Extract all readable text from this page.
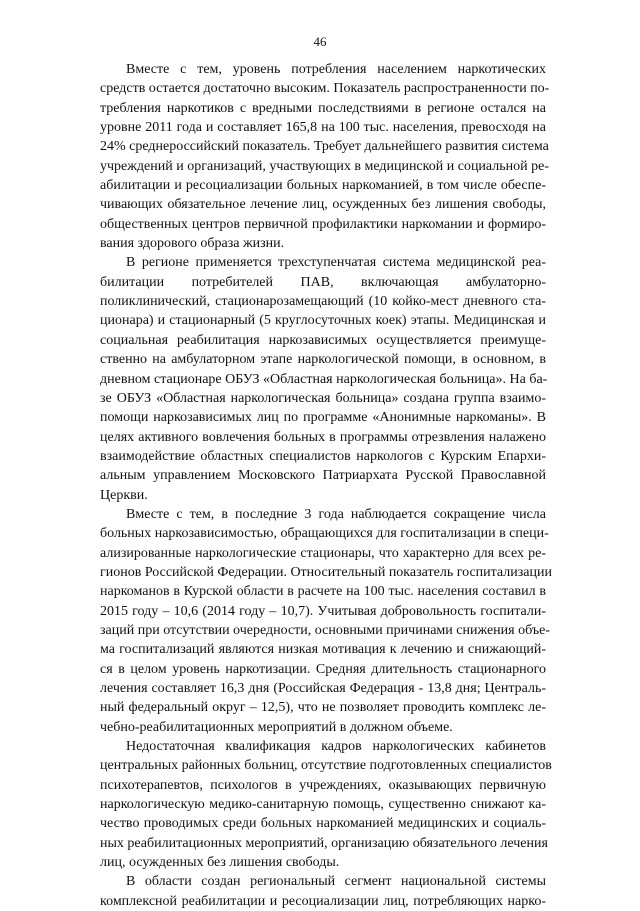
46
Вместе с тем, уровень потребления населением наркотических
средств остается достаточно высоким. Показатель распространенности по-
требления наркотиков с вредными последствиями в регионе остался на
уровне 2011 года и составляет 165,8 на 100 тыс. населения, превосходя на
24% среднероссийский показатель. Требует дальнейшего развития система
учреждений и организаций, участвующих в медицинской и социальной ре-
абилитации и ресоциализации больных наркоманией, в том числе обеспе-
чивающих обязательное лечение лиц, осужденных без лишения свободы,
общественных центров первичной профилактики наркомании и формиро-
вания здорового образа жизни.
В регионе применяется трехступенчатая система медицинской реа-
билитации потребителей ПАВ, включающая амбулаторно-
поликлинический, стационарозамещающий (10 койко-мест дневного ста-
ционара) и стационарный (5 круглосуточных коек) этапы. Медицинская и
социальная реабилитация наркозависимых осуществляется преимуще-
ственно на амбулаторном этапе наркологической помощи, в основном, в
дневном стационаре ОБУЗ «Областная наркологическая больница». На ба-
зе ОБУЗ «Областная наркологическая больница» создана группа взаимо-
помощи наркозависимых лиц по программе «Анонимные наркоманы». В
целях активного вовлечения больных в программы отрезвления налажено
взаимодействие областных специалистов наркологов с Курским Епархи-
альным управлением Московского Патриархата Русской Православной
Церкви.
Вместе с тем, в последние 3 года наблюдается сокращение числа
больных наркозависимостью, обращающихся для госпитализации в специ-
ализированные наркологические стационары, что характерно для всех ре-
гионов Российской Федерации. Относительный показатель госпитализации
наркоманов в Курской области в расчете на 100 тыс. населения составил в
2015 году – 10,6 (2014 году – 10,7). Учитывая добровольность госпитали-
заций при отсутствии очередности, основными причинами снижения объе-
ма госпитализаций являются низкая мотивация к лечению и снижающий-
ся в целом уровень наркотизации. Средняя длительность стационарного
лечения составляет 16,3 дня (Российская Федерация - 13,8 дня; Централь-
ный федеральный округ – 12,5), что не позволяет проводить комплекс ле-
чебно-реабилитационных мероприятий в должном объеме.
Недостаточная квалификация кадров наркологических кабинетов
центральных районных больниц, отсутствие подготовленных специалистов
психотерапевтов, психологов в учреждениях, оказывающих первичную
наркологическую медико-санитарную помощь, существенно снижают ка-
чество проводимых среди больных наркоманией медицинских и социаль-
ных реабилитационных мероприятий, организацию обязательного лечения
лиц, осужденных без лишения свободы.
В области создан региональный сегмент национальной системы
комплексной реабилитации и ресоциализации лиц, потребляющих нарко-
